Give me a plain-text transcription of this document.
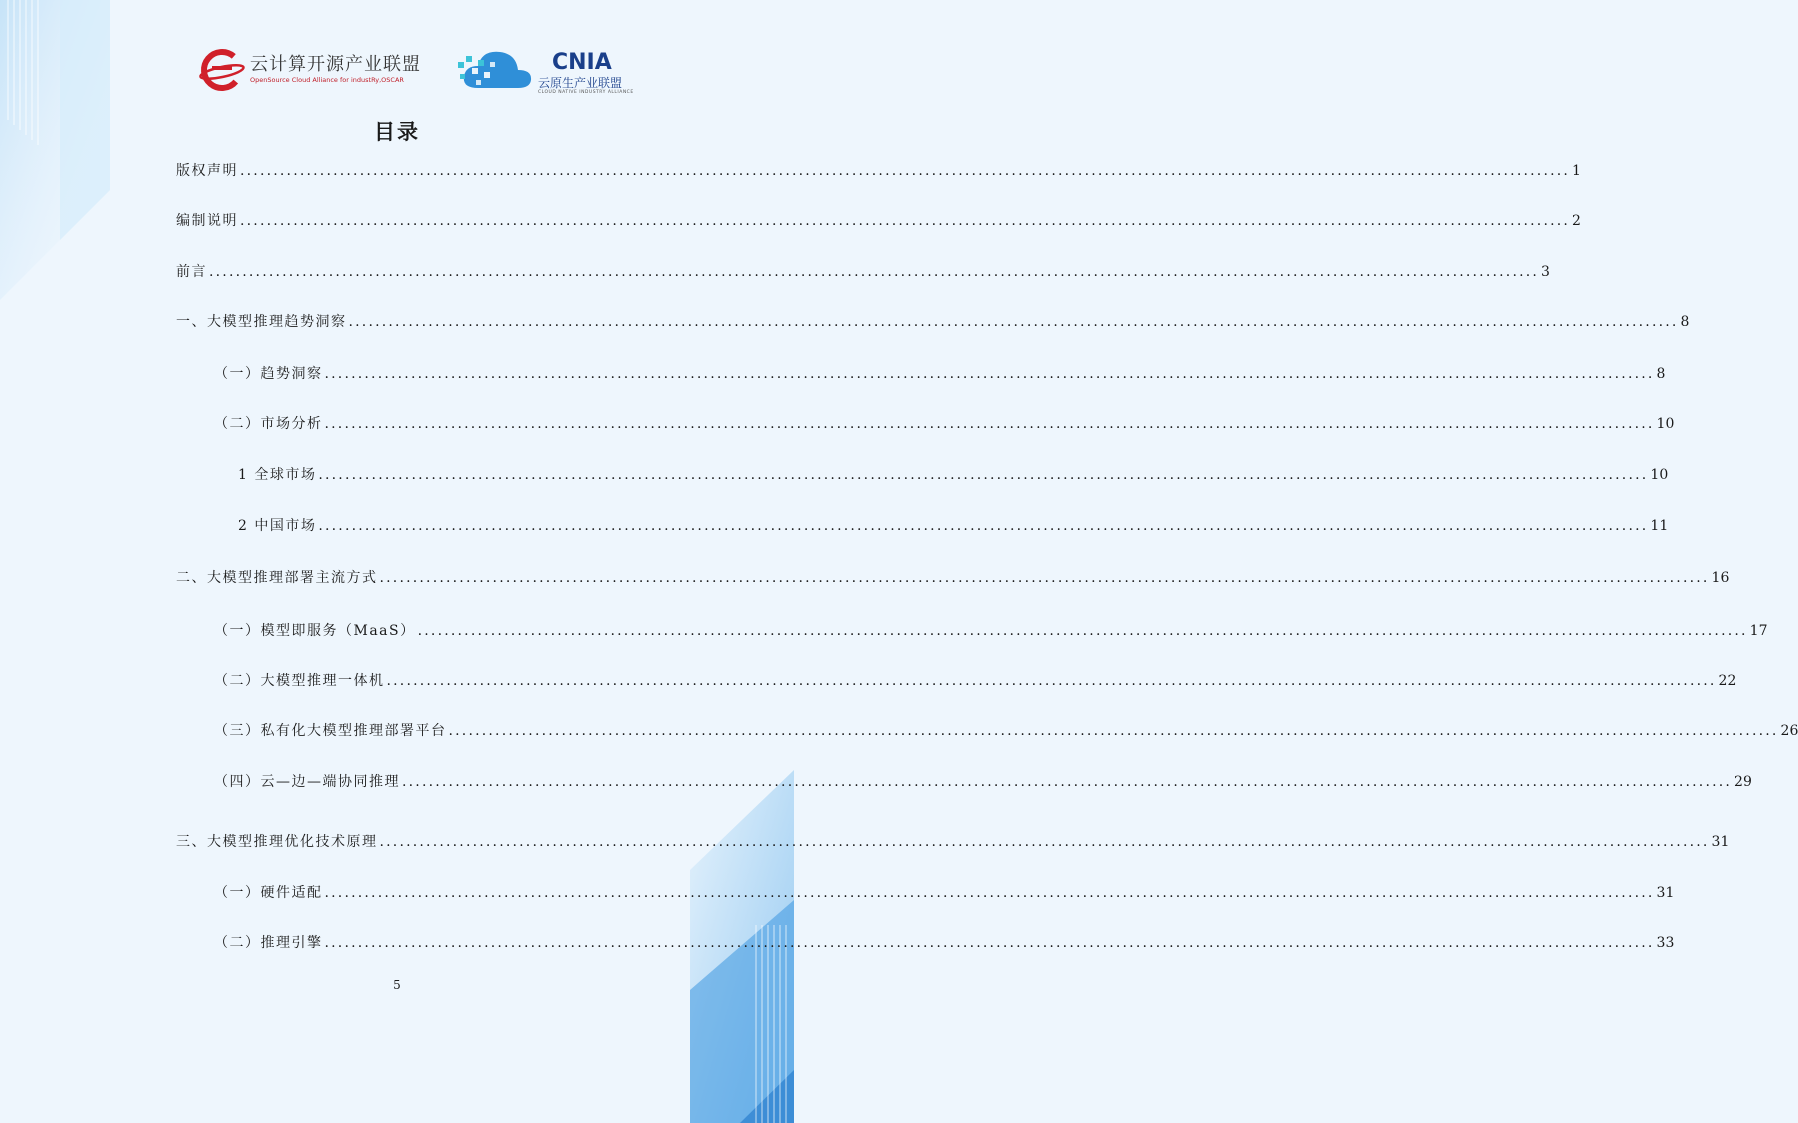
云计算开源产业联盟
OpenSource Cloud Alliance for industRy,OSCAR
CNIA
云原生产业联盟
CLOUD NATIVE INDUSTRY ALLIANCE
目录
版权声明 ........................................................................................................................................................................................................ 1
编制说明 ........................................................................................................................................................................................................ 2
前言 ........................................................................................................................................................................................................ 3
一、大模型推理趋势洞察 ........................................................................................................................................................................................................ 8
（一）趋势洞察 ........................................................................................................................................................................................................ 8
（二）市场分析 ........................................................................................................................................................................................................ 10
1 全球市场 ........................................................................................................................................................................................................ 10
2 中国市场 ........................................................................................................................................................................................................ 11
二、大模型推理部署主流方式 ........................................................................................................................................................................................................ 16
（一）模型即服务（MaaS） ........................................................................................................................................................................................................ 17
（二）大模型推理一体机 ........................................................................................................................................................................................................ 22
（三）私有化大模型推理部署平台 ........................................................................................................................................................................................................ 26
（四）云—边—端协同推理 ........................................................................................................................................................................................................ 29
三、大模型推理优化技术原理 ........................................................................................................................................................................................................ 31
（一）硬件适配 ........................................................................................................................................................................................................ 31
（二）推理引擎 ........................................................................................................................................................................................................ 33
5
